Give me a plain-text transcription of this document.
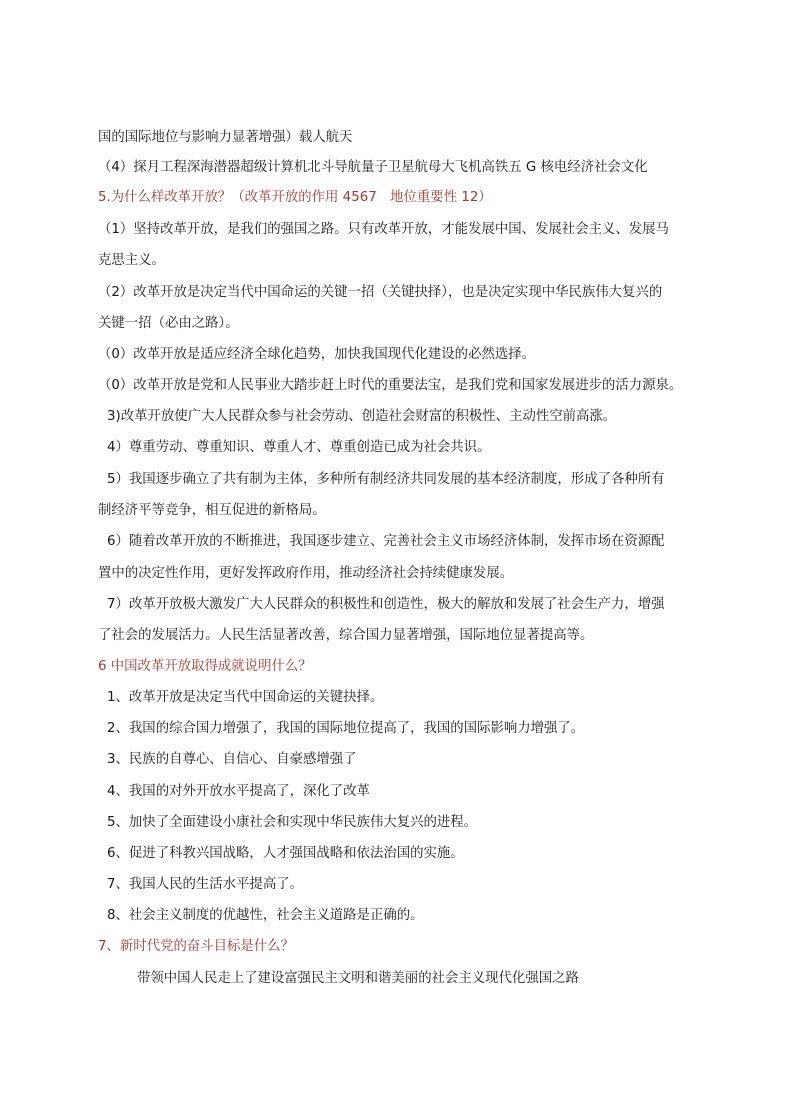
国的国际地位与影响力显著增强）载人航天
（4）探月工程深海潜器超级计算机北斗导航量子卫星航母大飞机高铁五 G 核电经济社会文化
5.为什么样改革开放？（改革开放的作用 4567　地位重要性 12）
（1）坚持改革开放，是我们的强国之路。只有改革开放，才能发展中国、发展社会主义、发展马
克思主义。
（2）改革开放是决定当代中国命运的关键一招（关键抉择），也是决定实现中华民族伟大复兴的
关键一招（必由之路）。
（0）改革开放是适应经济全球化趋势，加快我国现代化建设的必然选择。
（0）改革开放是党和人民事业大踏步赶上时代的重要法宝，是我们党和国家发展进步的活力源泉。
3)改革开放使广大人民群众参与社会劳动、创造社会财富的积极性、主动性空前高涨。
4）尊重劳动、尊重知识、尊重人才、尊重创造已成为社会共识。
5）我国逐步确立了共有制为主体，多种所有制经济共同发展的基本经济制度，形成了各种所有
制经济平等竞争，相互促进的新格局。
6）随着改革开放的不断推进，我国逐步建立、完善社会主义市场经济体制，发挥市场在资源配
置中的决定性作用，更好发挥政府作用，推动经济社会持续健康发展。
7）改革开放极大激发广大人民群众的积极性和创造性，极大的解放和发展了社会生产力，增强
了社会的发展活力。人民生活显著改善，综合国力显著增强，国际地位显著提高等。
6 中国改革开放取得成就说明什么？
1、改革开放是决定当代中国命运的关键抉择。
2、我国的综合国力增强了，我国的国际地位提高了，我国的国际影响力增强了。
3、民族的自尊心、自信心、自豪感增强了
4、我国的对外开放水平提高了，深化了改革
5、加快了全面建设小康社会和实现中华民族伟大复兴的进程。
6、促进了科教兴国战略，人才强国战略和依法治国的实施。
7、我国人民的生活水平提高了。
8、社会主义制度的优越性，社会主义道路是正确的。
7、新时代党的奋斗目标是什么？
带领中国人民走上了建设富强民主文明和谐美丽的社会主义现代化强国之路
